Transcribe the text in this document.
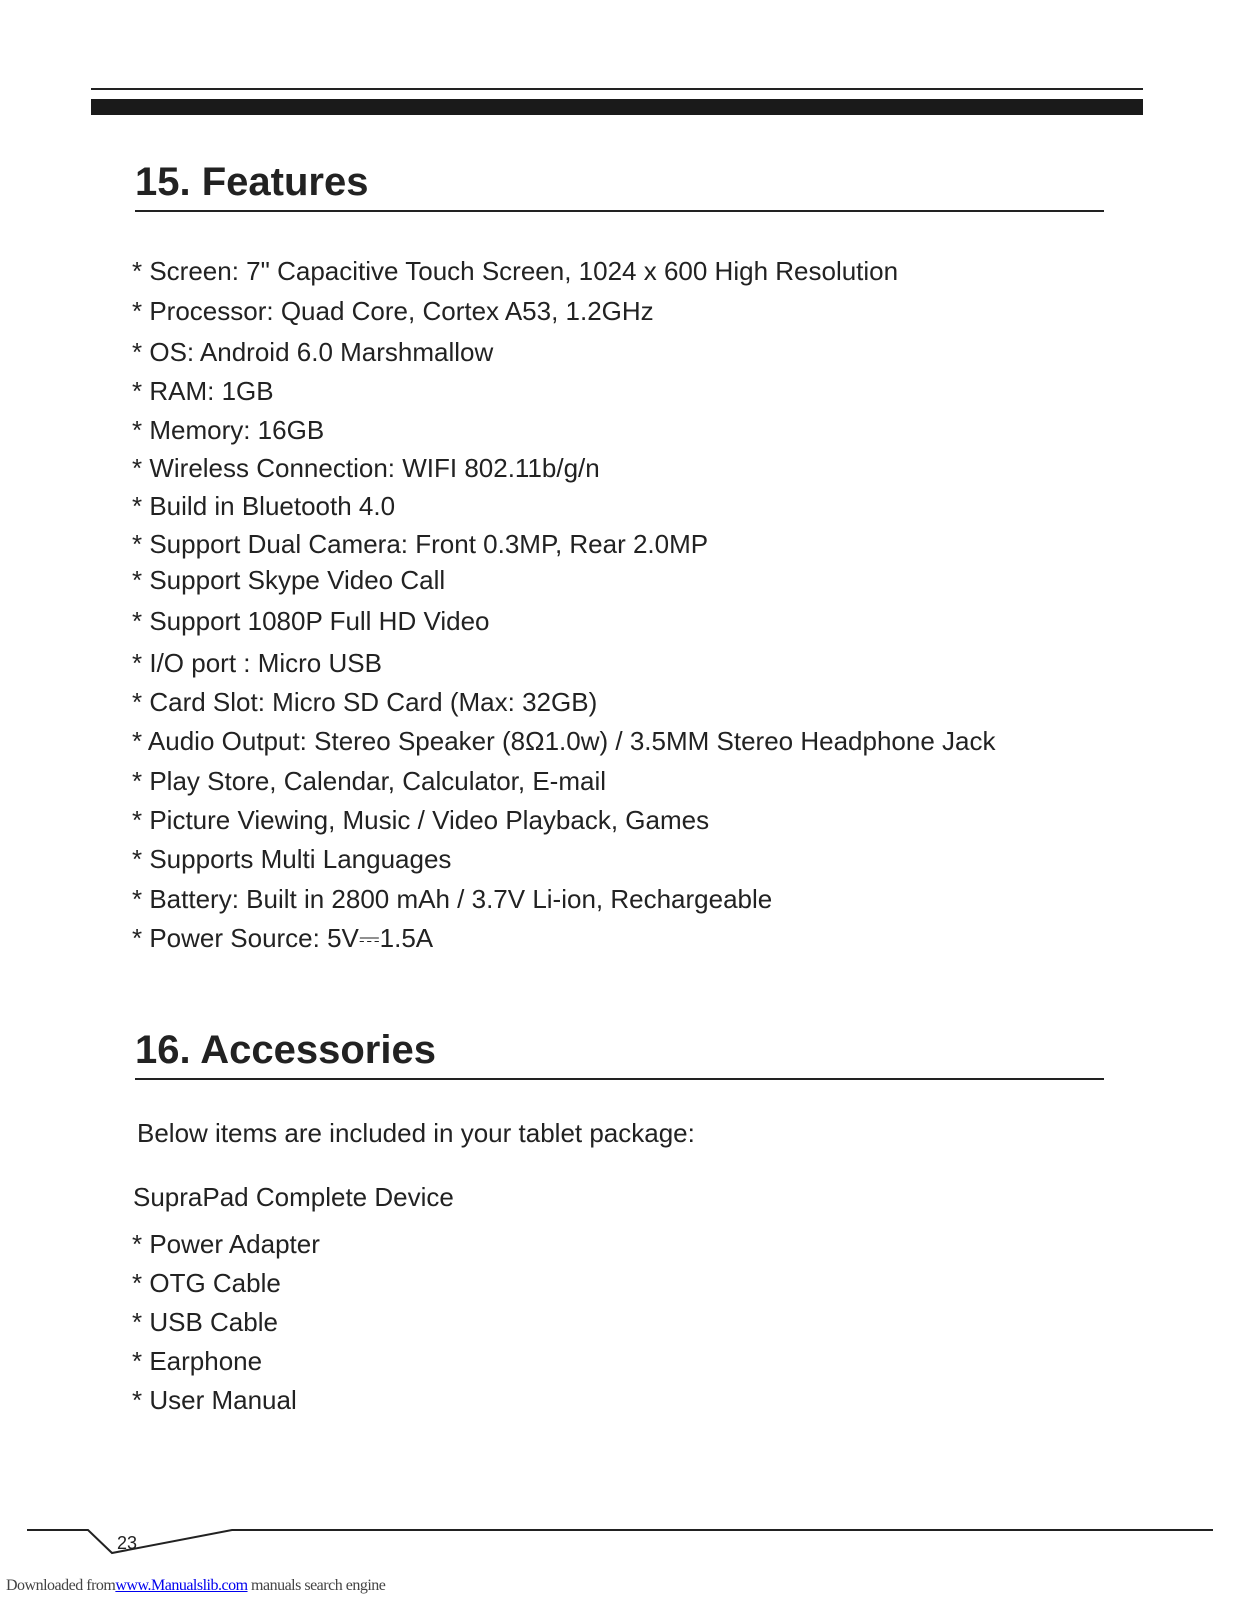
15. Features
* Screen: 7" Capacitive Touch Screen, 1024 x 600 High Resolution
* Processor: Quad Core, Cortex A53, 1.2GHz
* OS: Android 6.0 Marshmallow
* RAM: 1GB
* Memory: 16GB
* Wireless Connection: WIFI 802.11b/g/n
* Build in Bluetooth 4.0
* Support Dual Camera: Front 0.3MP, Rear 2.0MP
* Support Skype Video Call
* Support 1080P Full HD Video
* I/O port : Micro USB
* Card Slot: Micro SD Card (Max: 32GB)
* Audio Output: Stereo Speaker (8Ω1.0w) / 3.5MM Stereo Headphone Jack
* Play Store, Calendar, Calculator, E-mail
* Picture Viewing, Music / Video Playback, Games
* Supports Multi Languages
* Battery: Built in 2800 mAh / 3.7V Li-ion, Rechargeable
* Power Source: 5V⎓1.5A
16. Accessories

Below items are included in your tablet package:

SupraPad Complete Device

* Power Adapter
* OTG Cable
* USB Cable
* Earphone
* User Manual
23
Downloaded fromwww.Manualslib.com manuals search engine
